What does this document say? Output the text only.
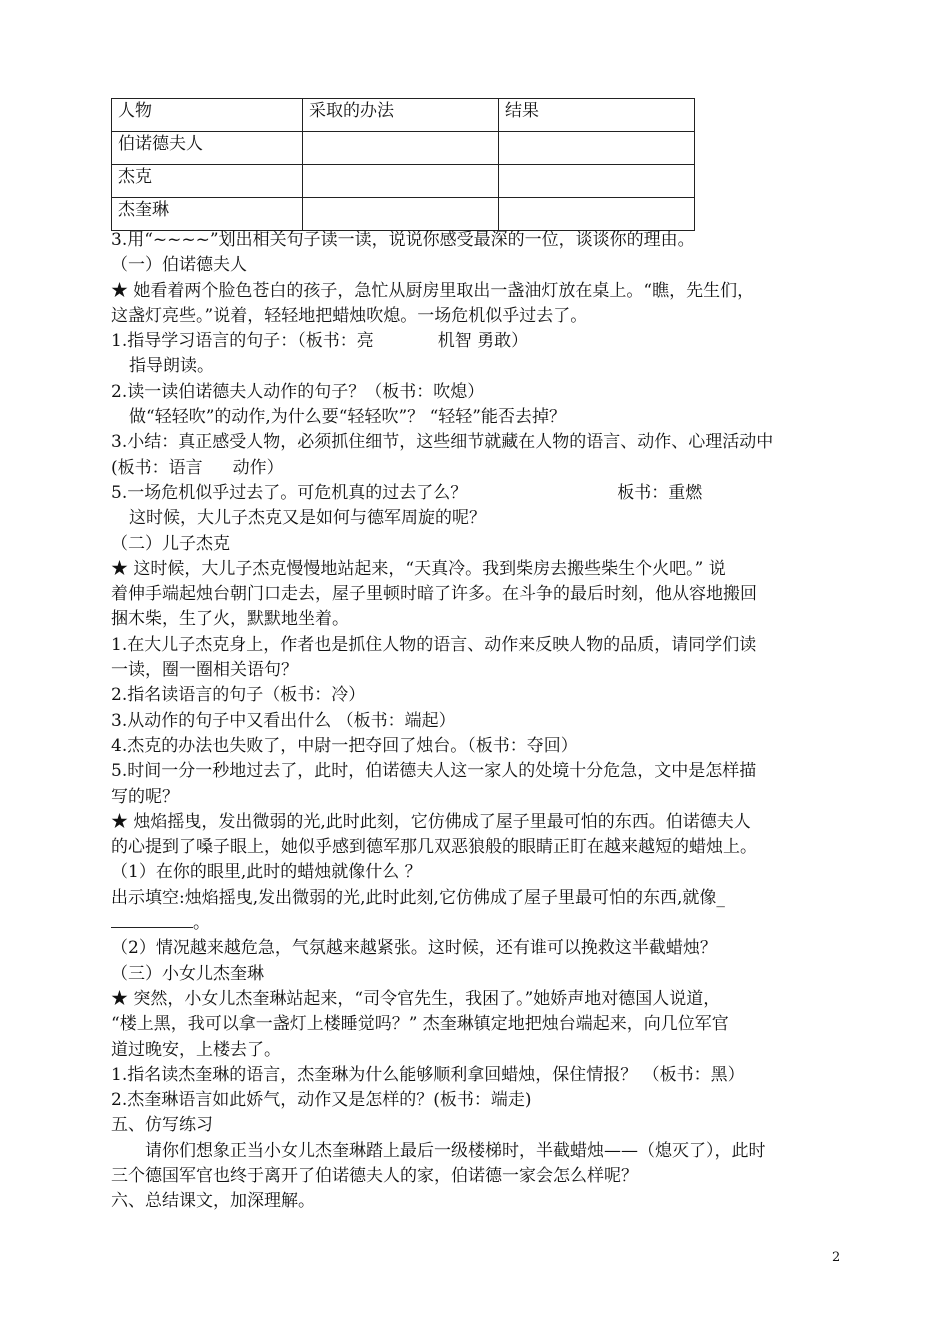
人物	采取的办法	结果
伯诺德夫人		
杰克		
杰奎琳		
3.用“~~~~”划出相关句子读一读，说说你感受最深的一位，谈谈你的理由。
（一）伯诺德夫人
★ 她看着两个脸色苍白的孩子，急忙从厨房里取出一盏油灯放在桌上。“瞧，先生们，
这盏灯亮些。”说着，轻轻地把蜡烛吹熄。一场危机似乎过去了。
1.指导学习语言的句子：（板书：亮	机智 勇敢）
指导朗读。
2.读一读伯诺德夫人动作的句子？（板书：吹熄）
做“轻轻吹”的动作,为什么要“轻轻吹”？ “轻轻”能否去掉？
3.小结：真正感受人物，必须抓住细节，这些细节就藏在人物的语言、动作、心理活动中
(板书：语言 动作）
5.一场危机似乎过去了。可危机真的过去了么？	板书：重燃
这时候，大儿子杰克又是如何与德军周旋的呢？
（二）儿子杰克
★ 这时候，大儿子杰克慢慢地站起来，“天真冷。我到柴房去搬些柴生个火吧。” 说
着伸手端起烛台朝门口走去，屋子里顿时暗了许多。在斗争的最后时刻，他从容地搬回
捆木柴，生了火，默默地坐着。
1.在大儿子杰克身上，作者也是抓住人物的语言、动作来反映人物的品质，请同学们读
一读，圈一圈相关语句？
2.指名读语言的句子（板书：冷）
3.从动作的句子中又看出什么 （板书：端起）
4.杰克的办法也失败了，中尉一把夺回了烛台。（板书：夺回）
5.时间一分一秒地过去了，此时，伯诺德夫人这一家人的处境十分危急，文中是怎样描
写的呢？
★ 烛焰摇曳，发出微弱的光,此时此刻，它仿佛成了屋子里最可怕的东西。伯诺德夫人
的心提到了嗓子眼上，她似乎感到德军那几双恶狼般的眼睛正盯在越来越短的蜡烛上。
（1）在你的眼里,此时的蜡烛就像什么 ？
出示填空:烛焰摇曳,发出微弱的光,此时此刻,它仿佛成了屋子里最可怕的东西,就像_
。
（2）情况越来越危急，气氛越来越紧张。这时候，还有谁可以挽救这半截蜡烛？
（三）小女儿杰奎琳
★ 突然，小女儿杰奎琳站起来，“司令官先生，我困了。”她娇声地对德国人说道，
“楼上黑，我可以拿一盏灯上楼睡觉吗？” 杰奎琳镇定地把烛台端起来，向几位军官
道过晚安，上楼去了。
1.指名读杰奎琳的语言，杰奎琳为什么能够顺利拿回蜡烛，保住情报？ （板书：黑）
2.杰奎琳语言如此娇气，动作又是怎样的？(板书：端走)
五、仿写练习
请你们想象正当小女儿杰奎琳踏上最后一级楼梯时，半截蜡烛——（熄灭了），此时
三个德国军官也终于离开了伯诺德夫人的家，伯诺德一家会怎么样呢？
六、总结课文，加深理解。
2
